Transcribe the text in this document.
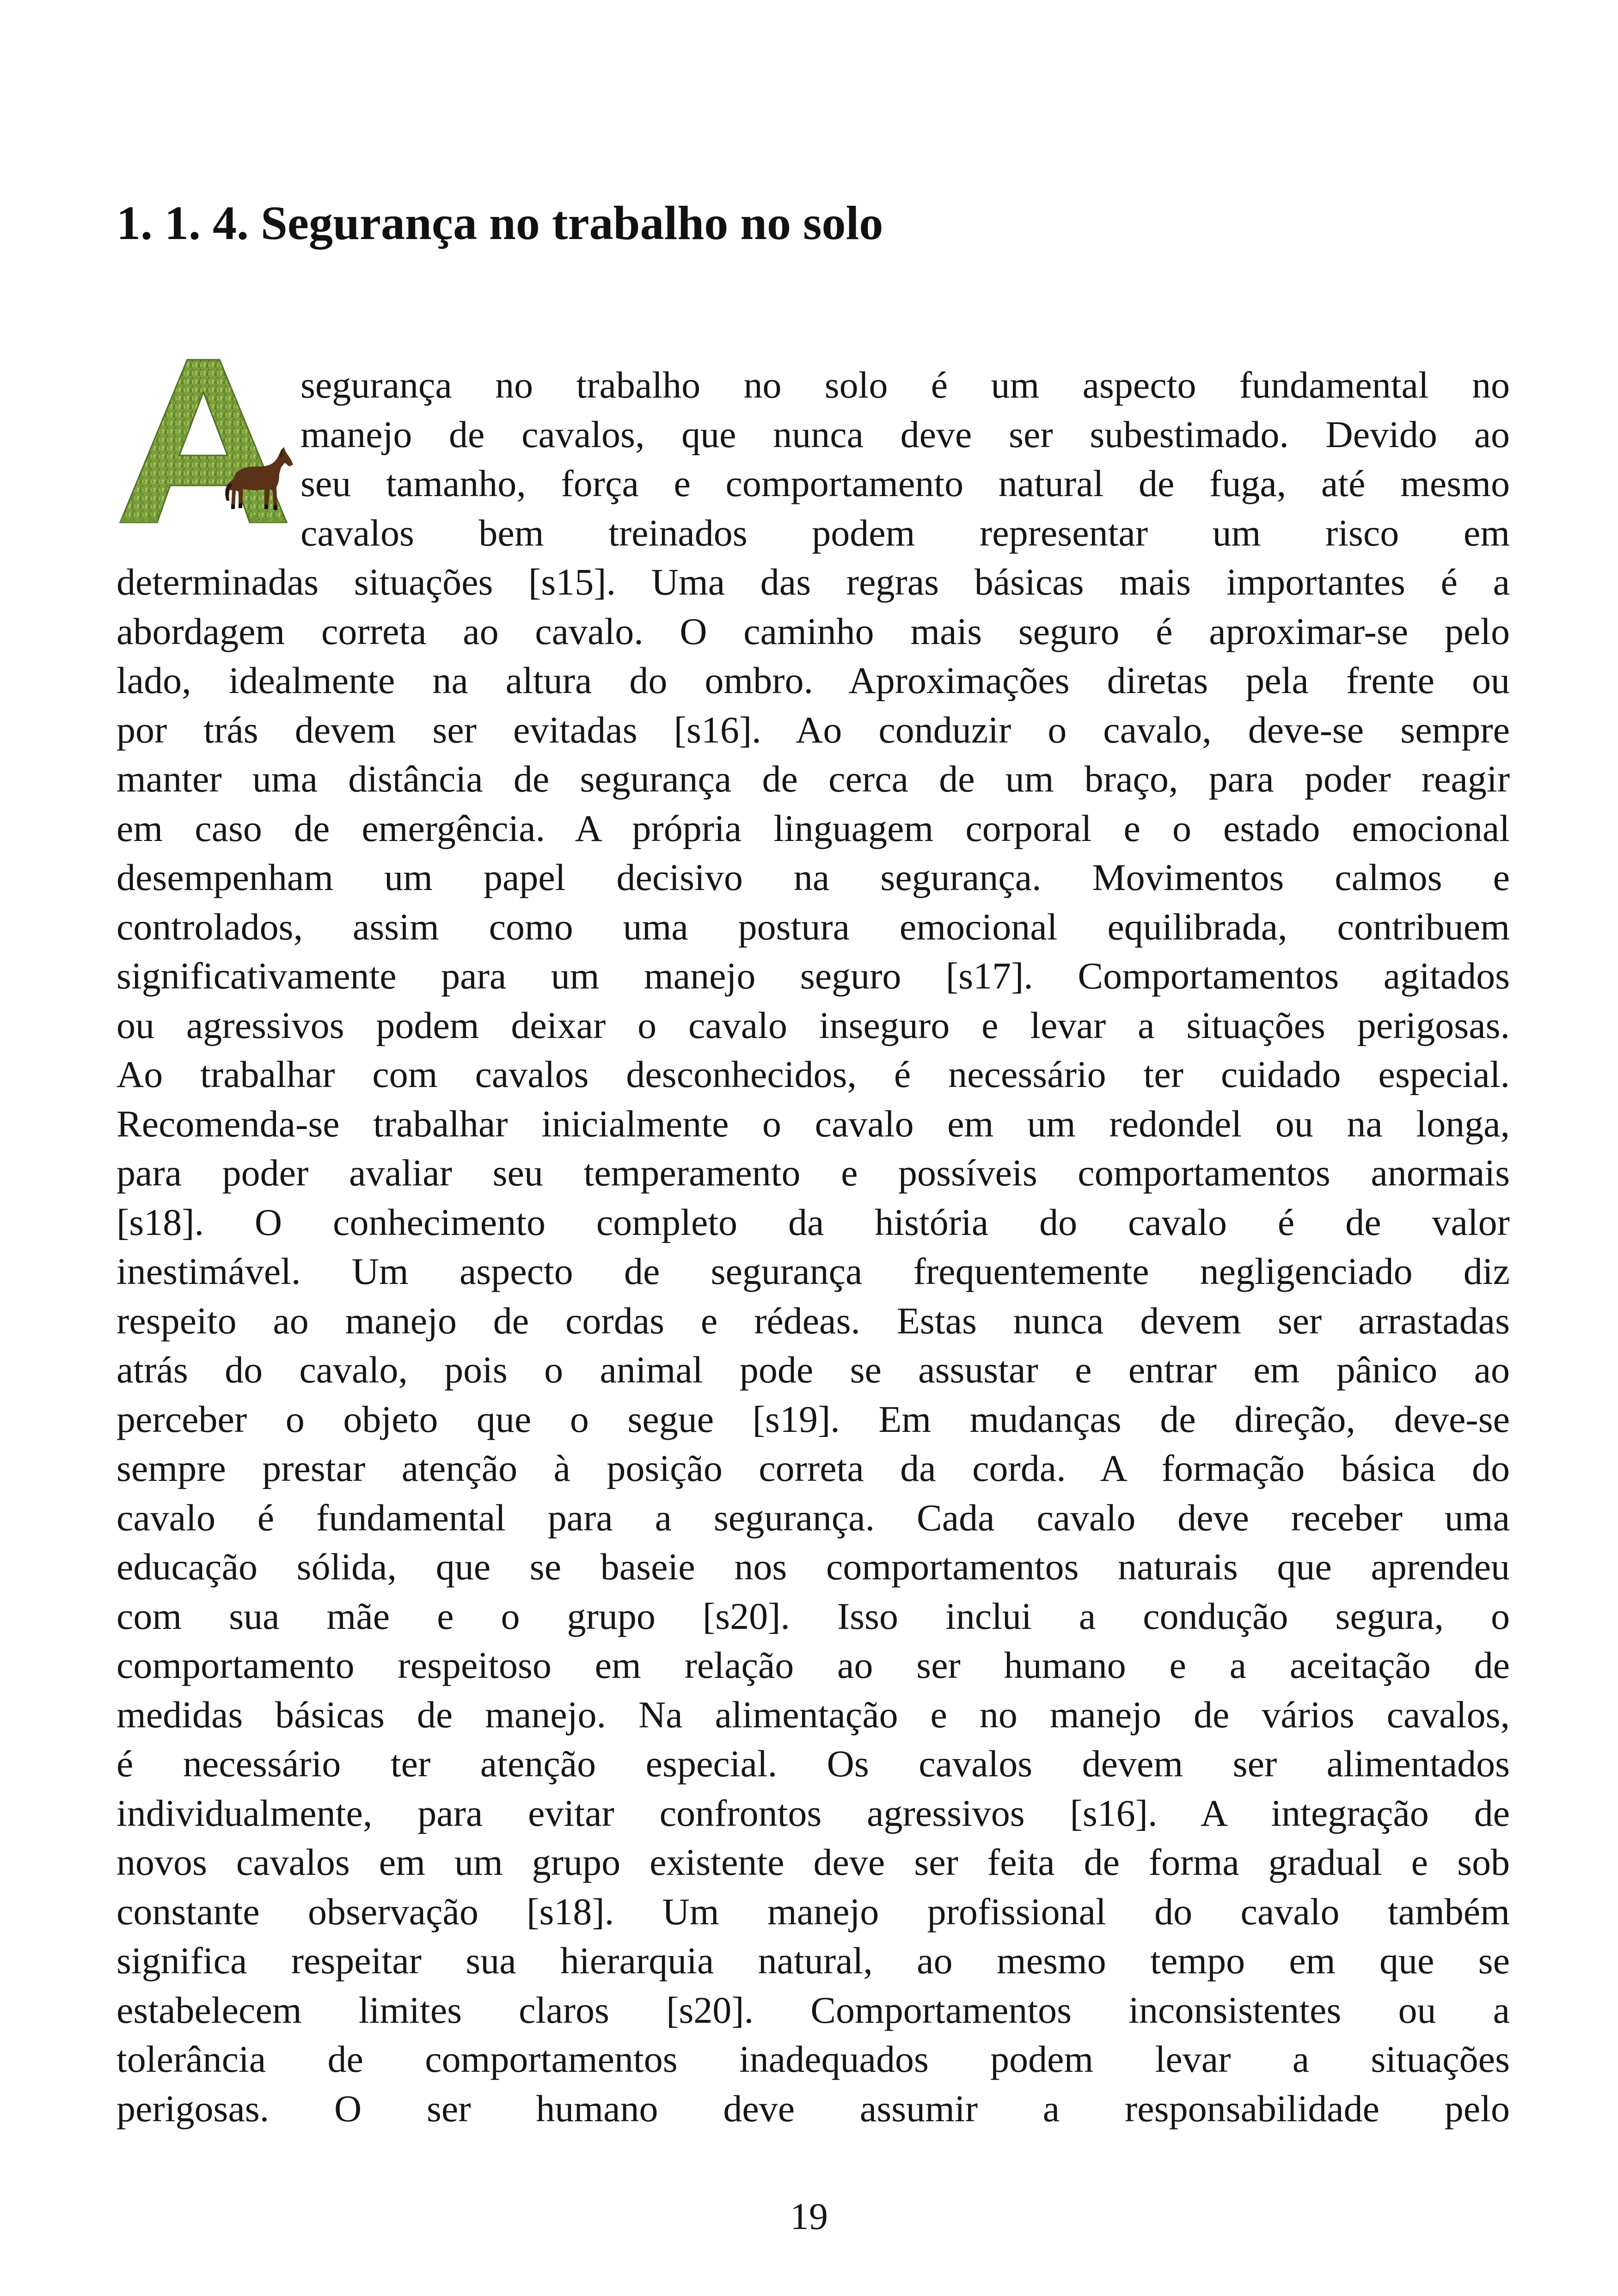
1. 1. 4. Segurança no trabalho no solo
segurança no trabalho no solo é um aspecto fundamental no
manejo de cavalos, que nunca deve ser subestimado. Devido ao
seu tamanho, força e comportamento natural de fuga, até mesmo
cavalos bem treinados podem representar um risco em
determinadas situações [s15]. Uma das regras básicas mais importantes é a
abordagem correta ao cavalo. O caminho mais seguro é aproximar-se pelo
lado, idealmente na altura do ombro. Aproximações diretas pela frente ou
por trás devem ser evitadas [s16]. Ao conduzir o cavalo, deve-se sempre
manter uma distância de segurança de cerca de um braço, para poder reagir
em caso de emergência. A própria linguagem corporal e o estado emocional
desempenham um papel decisivo na segurança. Movimentos calmos e
controlados, assim como uma postura emocional equilibrada, contribuem
significativamente para um manejo seguro [s17]. Comportamentos agitados
ou agressivos podem deixar o cavalo inseguro e levar a situações perigosas.
Ao trabalhar com cavalos desconhecidos, é necessário ter cuidado especial.
Recomenda-se trabalhar inicialmente o cavalo em um redondel ou na longa,
para poder avaliar seu temperamento e possíveis comportamentos anormais
[s18]. O conhecimento completo da história do cavalo é de valor
inestimável. Um aspecto de segurança frequentemente negligenciado diz
respeito ao manejo de cordas e rédeas. Estas nunca devem ser arrastadas
atrás do cavalo, pois o animal pode se assustar e entrar em pânico ao
perceber o objeto que o segue [s19]. Em mudanças de direção, deve-se
sempre prestar atenção à posição correta da corda. A formação básica do
cavalo é fundamental para a segurança. Cada cavalo deve receber uma
educação sólida, que se baseie nos comportamentos naturais que aprendeu
com sua mãe e o grupo [s20]. Isso inclui a condução segura, o
comportamento respeitoso em relação ao ser humano e a aceitação de
medidas básicas de manejo. Na alimentação e no manejo de vários cavalos,
é necessário ter atenção especial. Os cavalos devem ser alimentados
individualmente, para evitar confrontos agressivos [s16]. A integração de
novos cavalos em um grupo existente deve ser feita de forma gradual e sob
constante observação [s18]. Um manejo profissional do cavalo também
significa respeitar sua hierarquia natural, ao mesmo tempo em que se
estabelecem limites claros [s20]. Comportamentos inconsistentes ou a
tolerância de comportamentos inadequados podem levar a situações
perigosas. O ser humano deve assumir a responsabilidade pelo
19
